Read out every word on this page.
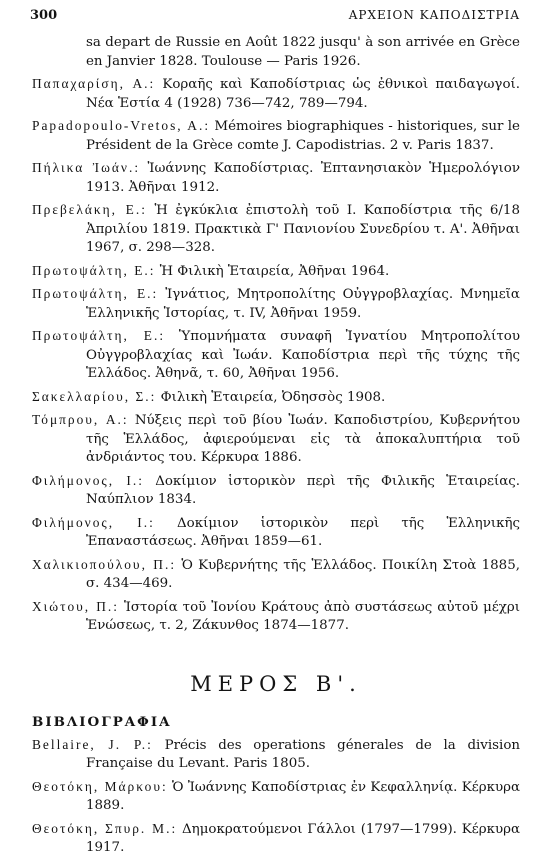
300	ΑΡΧΕΙΟΝ ΚΑΠΟΔΙΣΤΡΙΑ

sa depart de Russie en Août 1822 jusqu' à son arrivée en Grèce en Janvier 1828. Toulouse — Paris 1926.

Παπαχαρίση, Α.: Κοραῆς καὶ Καποδίστριας ὡς ἐθνικοὶ παιδαγωγοί. Νέα Ἑστία 4 (1928) 736—742, 789—794.

Papadopoulo-Vretos, A.: Mémoires biographiques - historiques, sur le Président de la Grèce comte J. Capodistrias. 2 v. Paris 1837.

Πήλικα Ἰωάν.: Ἰωάννης Καποδίστριας. Ἐπτανησιακὸν Ἡμερολόγιον 1913. Ἀθῆναι 1912.

Πρεβελάκη, Ε.: Ἡ ἐγκύκλια ἐπιστολὴ τοῦ Ι. Καποδίστρια τῆς 6/18 Ἀπριλίου 1819. Πρακτικὰ Γ' Πανιονίου Συνεδρίου τ. Α'. Ἀθῆναι 1967, σ. 298—328.

Πρωτοψάλτη, Ε.: Ἡ Φιλικὴ Ἑταιρεία, Ἀθῆναι 1964.

Πρωτοψάλτη, Ε.: Ἰγνάτιος, Μητροπολίτης Οὐγγροβλαχίας. Μνημεῖα Ἑλληνικῆς Ἱστορίας, τ. IV, Ἀθῆναι 1959.

Πρωτοψάλτη, Ε.: Ὑπομνήματα συναφῆ Ἰγνατίου Μητροπολίτου Οὐγγροβλαχίας καὶ Ἰωάν. Καποδίστρια περὶ τῆς τύχης τῆς Ἑλλάδος. Ἀθηνᾶ, τ. 60, Ἀθῆναι 1956.

Σακελλαρίου, Σ.: Φιλικὴ Ἑταιρεία, Ὀδησσὸς 1908.

Τόμπρου, Α.: Νύξεις περὶ τοῦ βίου Ἰωάν. Καποδιστρίου, Κυβερνήτου τῆς Ἑλλάδος, ἀφιερούμεναι εἰς τὰ ἀποκαλυπτήρια τοῦ ἀνδριάντος του. Κέρκυρα 1886.

Φιλήμονος, Ι.: Δοκίμιον ἱστορικὸν περὶ τῆς Φιλικῆς Ἑταιρείας. Ναύπλιον 1834.

Φιλήμονος, Ι.: Δοκίμιον ἱστορικὸν περὶ τῆς Ἑλληνικῆς Ἐπαναστάσεως. Ἀθῆναι 1859—61.

Χαλικιοπούλου, Π.: Ὁ Κυβερνήτης τῆς Ἑλλάδος. Ποικίλη Στοὰ 1885, σ. 434—469.

Χιώτου, Π.: Ἱστορία τοῦ Ἰονίου Κράτους ἀπὸ συστάσεως αὐτοῦ μέχρι Ἑνώσεως, τ. 2, Ζάκυνθος 1874—1877.

ΜΕΡΟΣ Β'.
ΒΙΒΛΙΟΓΡΑΦΙΑ

Bellaire, J. P.: Précis des operations génerales de la division Française du Levant. Paris 1805.

Θεοτόκη, Μάρκου: Ὁ Ἰωάννης Καποδίστριας ἐν Κεφαλληνίᾳ. Κέρκυρα 1889.

Θεοτόκη, Σπυρ. Μ.: Δημοκρατούμενοι Γάλλοι (1797—1799). Κέρκυρα 1917.
